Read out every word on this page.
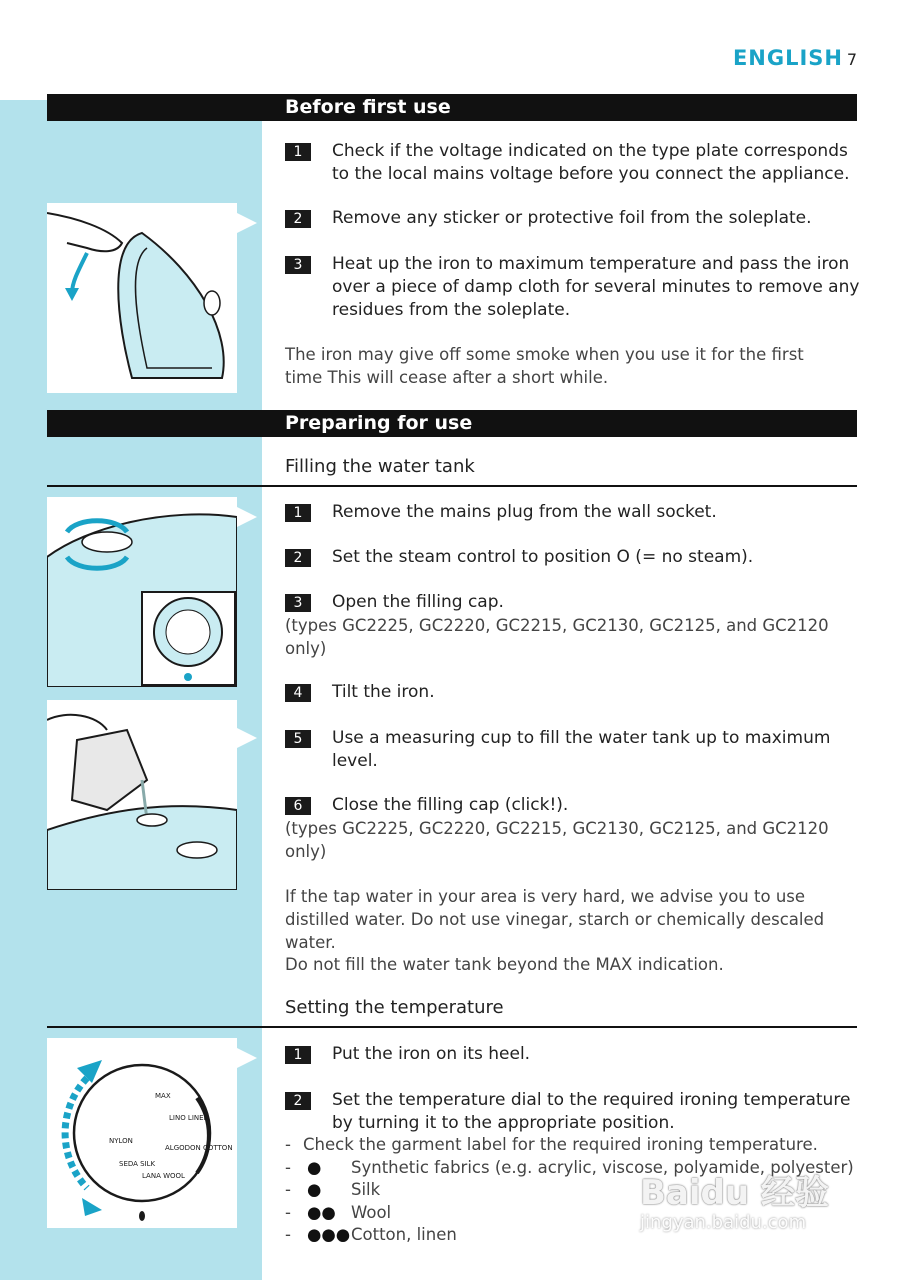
ENGLISH 7
Before first use
1	Check if the voltage indicated on the type plate corresponds to the local mains voltage before you connect the appliance.
2	Remove any sticker or protective foil from the soleplate.
3	Heat up the iron to maximum temperature and pass the iron over a piece of damp cloth for several minutes to remove any residues from the soleplate.
The iron may give off some smoke when you use it for the first time This will cease after a short while.
Preparing for use
Filling the water tank
1	Remove the mains plug from the wall socket.
2	Set the steam control to position O (= no steam).
3	Open the filling cap.
(types GC2225, GC2220, GC2215, GC2130, GC2125, and GC2120 only)
4	Tilt the iron.
5	Use a measuring cup to fill the water tank up to maximum level.
6	Close the filling cap (click!).
(types GC2225, GC2220, GC2215, GC2130, GC2125, and GC2120 only)
If the tap water in your area is very hard, we advise you to use distilled water. Do not use vinegar, starch or chemically descaled water.
Do not fill the water tank beyond the MAX indication.
Setting the temperature
NYLON
SEDA SILK
LANA WOOL
ALGODON COTTON
LINO LINEN
MAX
1	Put the iron on its heel.
2	Set the temperature dial to the required ironing temperature by turning it to the appropriate position.
- Check the garment label for the required ironing temperature.
- ● Synthetic fabrics (e.g. acrylic, viscose, polyamide, polyester)
- ● Silk
- ●● Wool
- ●●● Cotton, linen
Baidu 经验
jingyan.baidu.com
